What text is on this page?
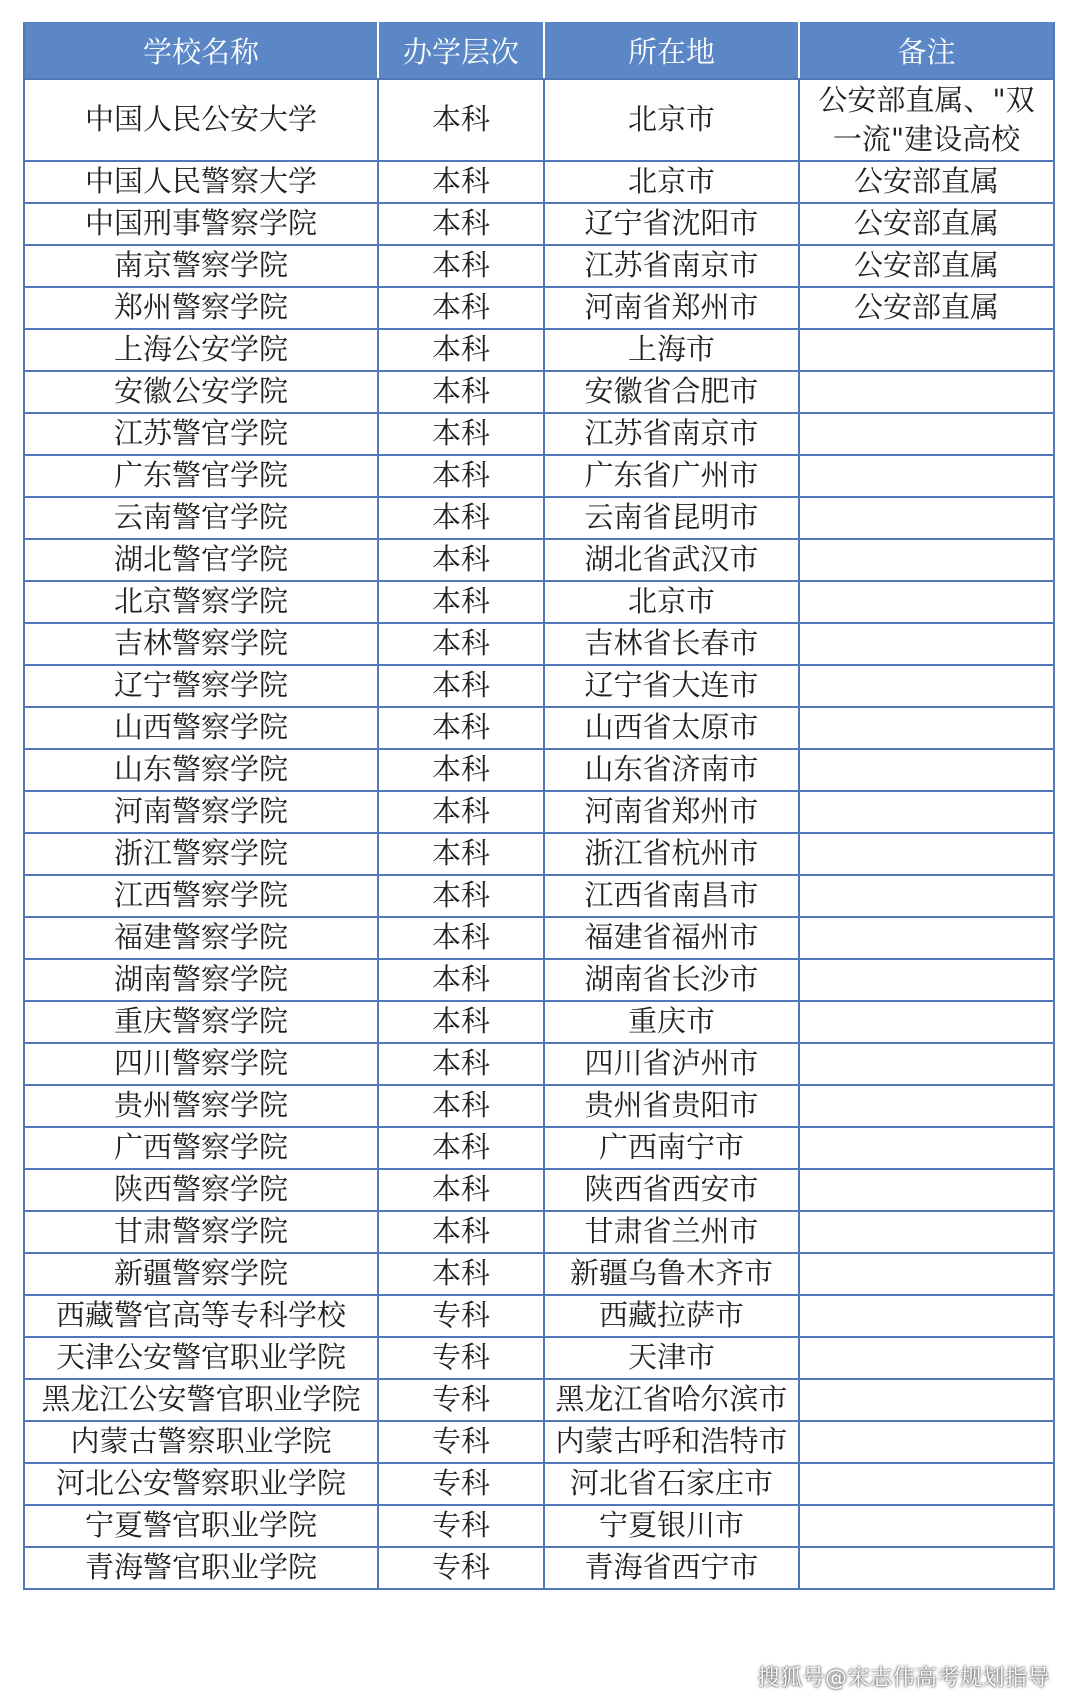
学校名称	办学层次	所在地	备注
中国人民公安大学	本科	北京市	公安部直属、"双一流"建设高校
中国人民警察大学	本科	北京市	公安部直属
中国刑事警察学院	本科	辽宁省沈阳市	公安部直属
南京警察学院	本科	江苏省南京市	公安部直属
郑州警察学院	本科	河南省郑州市	公安部直属
上海公安学院	本科	上海市	
安徽公安学院	本科	安徽省合肥市	
江苏警官学院	本科	江苏省南京市	
广东警官学院	本科	广东省广州市	
云南警官学院	本科	云南省昆明市	
湖北警官学院	本科	湖北省武汉市	
北京警察学院	本科	北京市	
吉林警察学院	本科	吉林省长春市	
辽宁警察学院	本科	辽宁省大连市	
山西警察学院	本科	山西省太原市	
山东警察学院	本科	山东省济南市	
河南警察学院	本科	河南省郑州市	
浙江警察学院	本科	浙江省杭州市	
江西警察学院	本科	江西省南昌市	
福建警察学院	本科	福建省福州市	
湖南警察学院	本科	湖南省长沙市	
重庆警察学院	本科	重庆市	
四川警察学院	本科	四川省泸州市	
贵州警察学院	本科	贵州省贵阳市	
广西警察学院	本科	广西南宁市	
陕西警察学院	本科	陕西省西安市	
甘肃警察学院	本科	甘肃省兰州市	
新疆警察学院	本科	新疆乌鲁木齐市	
西藏警官高等专科学校	专科	西藏拉萨市	
天津公安警官职业学院	专科	天津市	
黑龙江公安警官职业学院	专科	黑龙江省哈尔滨市	
内蒙古警察职业学院	专科	内蒙古呼和浩特市	
河北公安警察职业学院	专科	河北省石家庄市	
宁夏警官职业学院	专科	宁夏银川市	
青海警官职业学院	专科	青海省西宁市	
搜狐号@宋志伟高考规划指导
